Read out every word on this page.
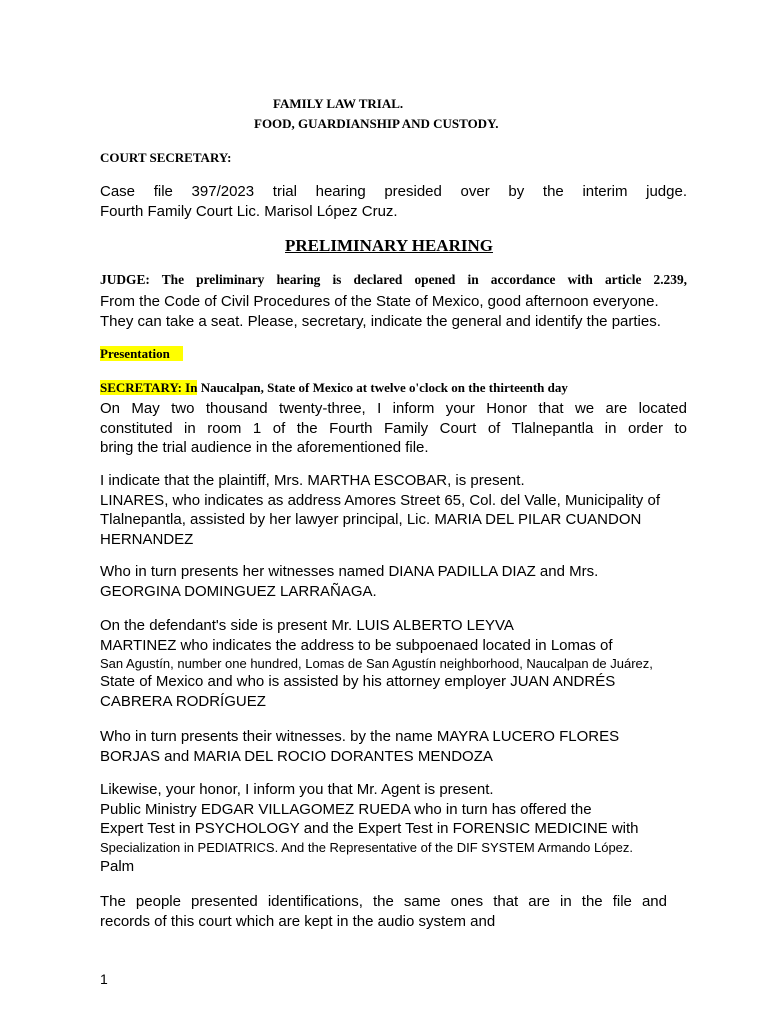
FAMILY LAW TRIAL.
FOOD, GUARDIANSHIP AND CUSTODY.
COURT SECRETARY:
Case file 397/2023 trial hearing presided over by the interim judge.
Fourth Family Court Lic. Marisol López Cruz.
PRELIMINARY HEARING
JUDGE: The preliminary hearing is declared opened in accordance with article 2.239,
From the Code of Civil Procedures of the State of Mexico, good afternoon everyone.
They can take a seat. Please, secretary, indicate the general and identify the parties.
Presentation
SECRETARY: In Naucalpan, State of Mexico at twelve o'clock on the thirteenth day
On May two thousand twenty-three, I inform your Honor that we are located
constituted in room 1 of the Fourth Family Court of Tlalnepantla in order to
bring the trial audience in the aforementioned file.
I indicate that the plaintiff, Mrs. MARTHA ESCOBAR, is present.
LINARES, who indicates as address Amores Street 65, Col. del Valle, Municipality of
Tlalnepantla, assisted by her lawyer principal, Lic. MARIA DEL PILAR CUANDON
HERNANDEZ
Who in turn presents her witnesses named DIANA PADILLA DIAZ and Mrs.
GEORGINA DOMINGUEZ LARRAÑAGA.
On the defendant's side is present Mr. LUIS ALBERTO LEYVA
MARTINEZ who indicates the address to be subpoenaed located in Lomas of
San Agustín, number one hundred, Lomas de San Agustín neighborhood, Naucalpan de Juárez,
State of Mexico and who is assisted by his attorney employer JUAN ANDRÉS
CABRERA RODRÍGUEZ
Who in turn presents their witnesses. by the name MAYRA LUCERO FLORES
BORJAS and MARIA DEL ROCIO DORANTES MENDOZA
Likewise, your honor, I inform you that Mr. Agent is present.
Public Ministry EDGAR VILLAGOMEZ RUEDA who in turn has offered the
Expert Test in PSYCHOLOGY and the Expert Test in FORENSIC MEDICINE with
Specialization in PEDIATRICS. And the Representative of the DIF SYSTEM Armando López.
Palm
The people presented identifications, the same ones that are in the file and
records of this court which are kept in the audio system and
1
